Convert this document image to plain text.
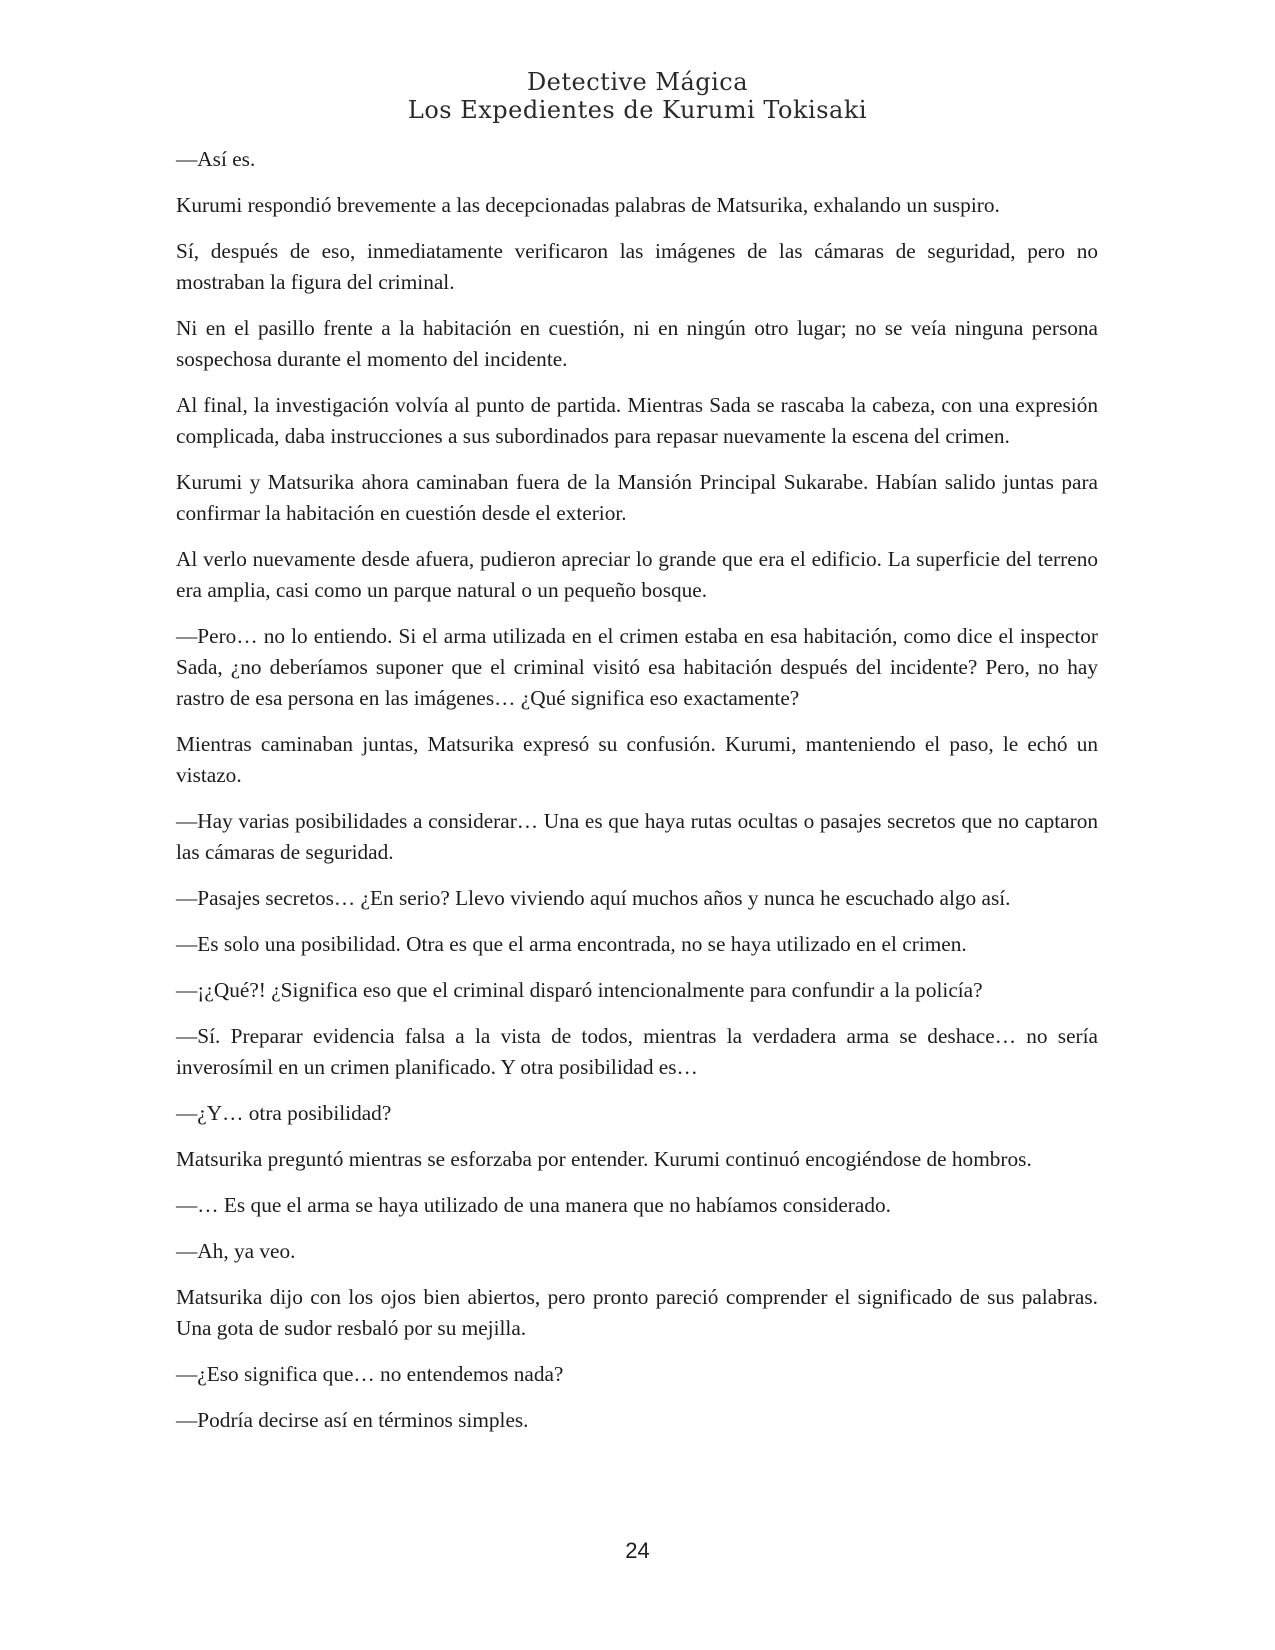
Detective Mágica
Los Expedientes de Kurumi Tokisaki

—Así es.

Kurumi respondió brevemente a las decepcionadas palabras de Matsurika, exhalando un suspiro.

Sí, después de eso, inmediatamente verificaron las imágenes de las cámaras de seguridad, pero no mostraban la figura del criminal.

Ni en el pasillo frente a la habitación en cuestión, ni en ningún otro lugar; no se veía ninguna persona sospechosa durante el momento del incidente.

Al final, la investigación volvía al punto de partida. Mientras Sada se rascaba la cabeza, con una expresión complicada, daba instrucciones a sus subordinados para repasar nuevamente la escena del crimen.

Kurumi y Matsurika ahora caminaban fuera de la Mansión Principal Sukarabe. Habían salido juntas para confirmar la habitación en cuestión desde el exterior.

Al verlo nuevamente desde afuera, pudieron apreciar lo grande que era el edificio. La superficie del terreno era amplia, casi como un parque natural o un pequeño bosque.

—Pero… no lo entiendo. Si el arma utilizada en el crimen estaba en esa habitación, como dice el inspector Sada, ¿no deberíamos suponer que el criminal visitó esa habitación después del incidente? Pero, no hay rastro de esa persona en las imágenes… ¿Qué significa eso exactamente?

Mientras caminaban juntas, Matsurika expresó su confusión. Kurumi, manteniendo el paso, le echó un vistazo.

—Hay varias posibilidades a considerar… Una es que haya rutas ocultas o pasajes secretos que no captaron las cámaras de seguridad.

—Pasajes secretos… ¿En serio? Llevo viviendo aquí muchos años y nunca he escuchado algo así.

—Es solo una posibilidad. Otra es que el arma encontrada, no se haya utilizado en el crimen.

—¡¿Qué?! ¿Significa eso que el criminal disparó intencionalmente para confundir a la policía?

—Sí. Preparar evidencia falsa a la vista de todos, mientras la verdadera arma se deshace… no sería inverosímil en un crimen planificado. Y otra posibilidad es…

—¿Y… otra posibilidad?

Matsurika preguntó mientras se esforzaba por entender. Kurumi continuó encogiéndose de hombros.

—… Es que el arma se haya utilizado de una manera que no habíamos considerado.

—Ah, ya veo.

Matsurika dijo con los ojos bien abiertos, pero pronto pareció comprender el significado de sus palabras. Una gota de sudor resbaló por su mejilla.

—¿Eso significa que… no entendemos nada?

—Podría decirse así en términos simples.

24
